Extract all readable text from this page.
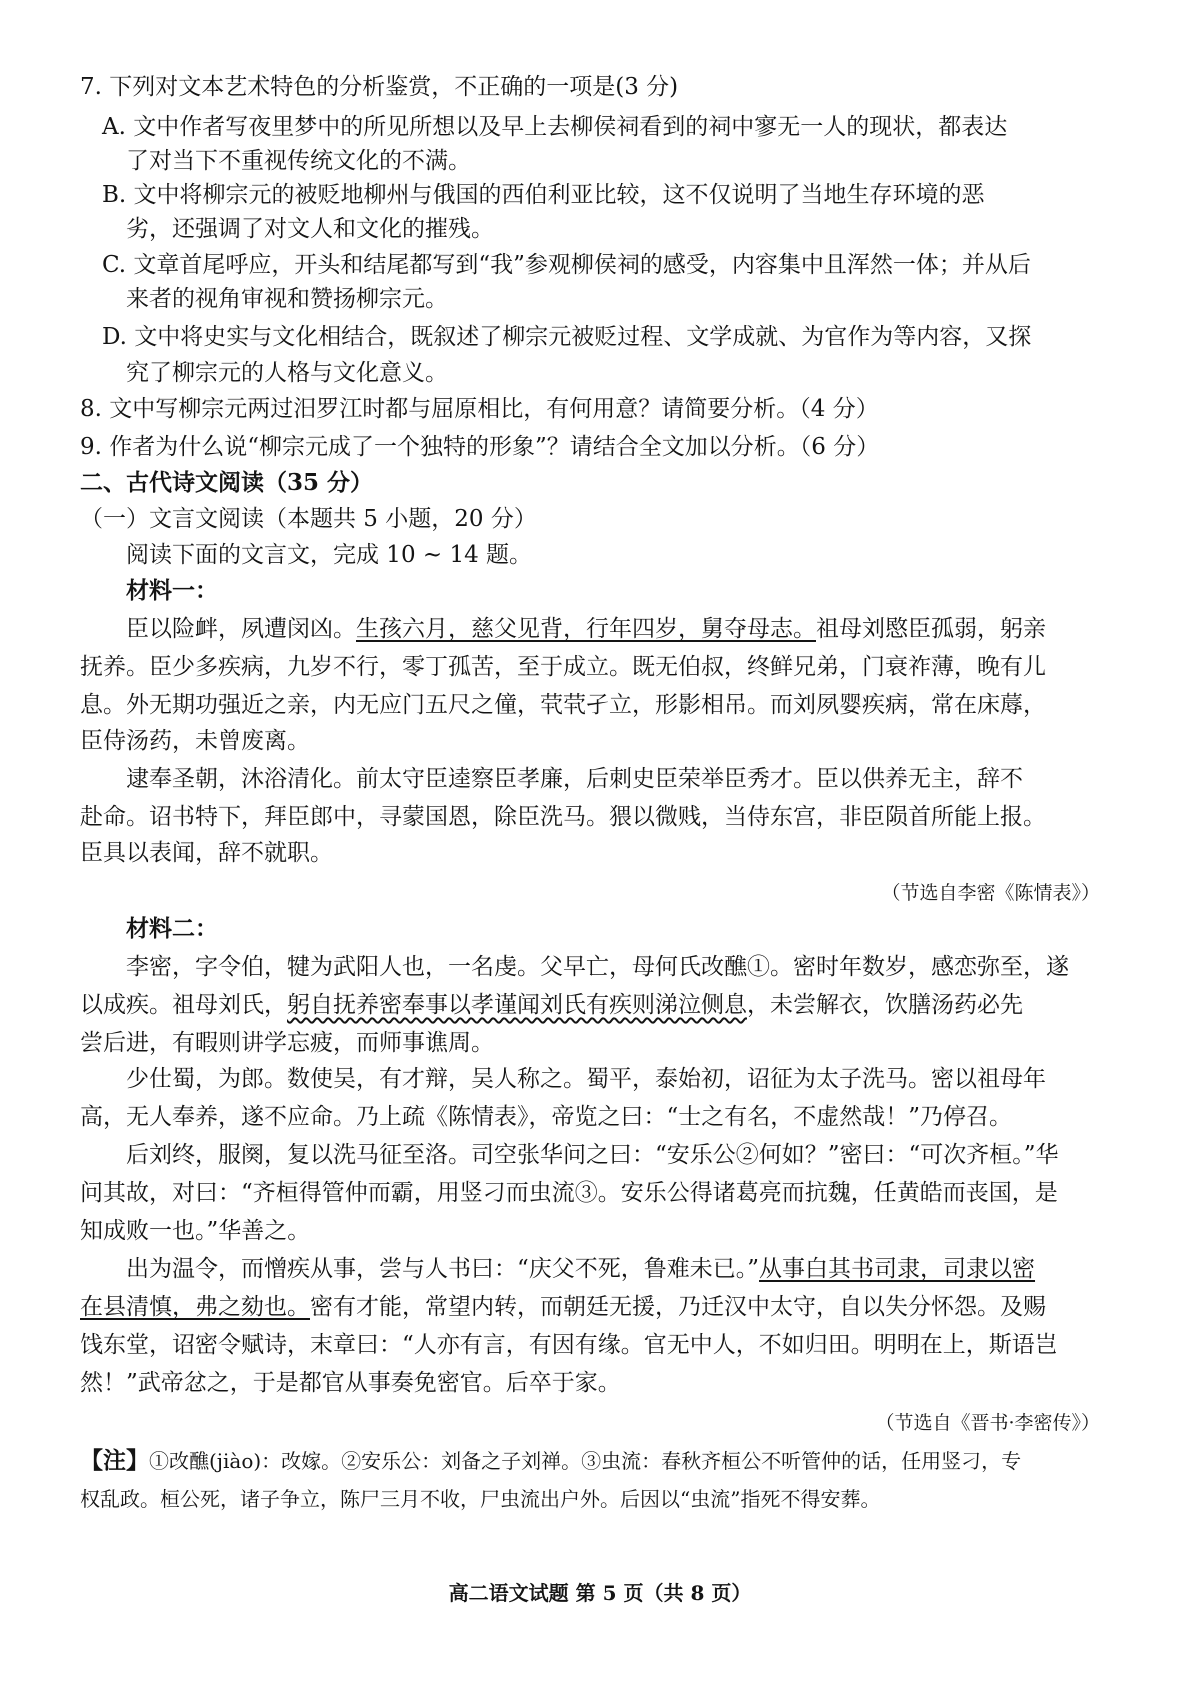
7. 下列对文本艺术特色的分析鉴赏，不正确的一项是(3 分)
A. 文中作者写夜里梦中的所见所想以及早上去柳侯祠看到的祠中寥无一人的现状，都表达
了对当下不重视传统文化的不满。
B. 文中将柳宗元的被贬地柳州与俄国的西伯利亚比较，这不仅说明了当地生存环境的恶
劣，还强调了对文人和文化的摧残。
C. 文章首尾呼应，开头和结尾都写到“我”参观柳侯祠的感受，内容集中且浑然一体；并从后
来者的视角审视和赞扬柳宗元。
D. 文中将史实与文化相结合，既叙述了柳宗元被贬过程、文学成就、为官作为等内容，又探
究了柳宗元的人格与文化意义。
8. 文中写柳宗元两过汨罗江时都与屈原相比，有何用意？请简要分析。（4 分）
9. 作者为什么说“柳宗元成了一个独特的形象”？请结合全文加以分析。（6 分）
二、古代诗文阅读（35 分）
（一）文言文阅读（本题共 5 小题，20 分）
阅读下面的文言文，完成 10 ~ 14 题。
材料一：
臣以险衅，夙遭闵凶。生孩六月，慈父见背，行年四岁，舅夺母志。祖母刘愍臣孤弱，躬亲
抚养。臣少多疾病，九岁不行，零丁孤苦，至于成立。既无伯叔，终鲜兄弟，门衰祚薄，晚有儿
息。外无期功强近之亲，内无应门五尺之僮，茕茕孑立，形影相吊。而刘夙婴疾病，常在床蓐，
臣侍汤药，未曾废离。
逮奉圣朝，沐浴清化。前太守臣逵察臣孝廉，后刺史臣荣举臣秀才。臣以供养无主，辞不
赴命。诏书特下，拜臣郎中，寻蒙国恩，除臣洗马。猥以微贱，当侍东宫，非臣陨首所能上报。
臣具以表闻，辞不就职。
（节选自李密《陈情表》）
材料二：
李密，字令伯，犍为武阳人也，一名虔。父早亡，母何氏改醮①。密时年数岁，感恋弥至，遂
以成疾。祖母刘氏，躬自抚养密奉事以孝谨闻刘氏有疾则涕泣侧息，未尝解衣，饮膳汤药必先
尝后进，有暇则讲学忘疲，而师事谯周。
少仕蜀，为郎。数使吴，有才辩，吴人称之。蜀平，泰始初，诏征为太子洗马。密以祖母年
高，无人奉养，遂不应命。乃上疏《陈情表》，帝览之曰：“士之有名，不虚然哉！”乃停召。
后刘终，服阕，复以洗马征至洛。司空张华问之曰：“安乐公②何如？”密曰：“可次齐桓。”华
问其故，对曰：“齐桓得管仲而霸，用竖刁而虫流③。安乐公得诸葛亮而抗魏，任黄皓而丧国，是
知成败一也。”华善之。
出为温令，而憎疾从事，尝与人书曰：“庆父不死，鲁难未已。”从事白其书司隶，司隶以密
在县清慎，弗之劾也。密有才能，常望内转，而朝廷无援，乃迁汉中太守，自以失分怀怨。及赐
饯东堂，诏密令赋诗，末章曰：“人亦有言，有因有缘。官无中人，不如归田。明明在上，斯语岂
然！”武帝忿之，于是都官从事奏免密官。后卒于家。
（节选自《晋书·李密传》）
【注】①改醮(jiào)：改嫁。②安乐公：刘备之子刘禅。③虫流：春秋齐桓公不听管仲的话，任用竖刁，专
权乱政。桓公死，诸子争立，陈尸三月不收，尸虫流出户外。后因以“虫流”指死不得安葬。
高二语文试题 第 5 页（共 8 页）
